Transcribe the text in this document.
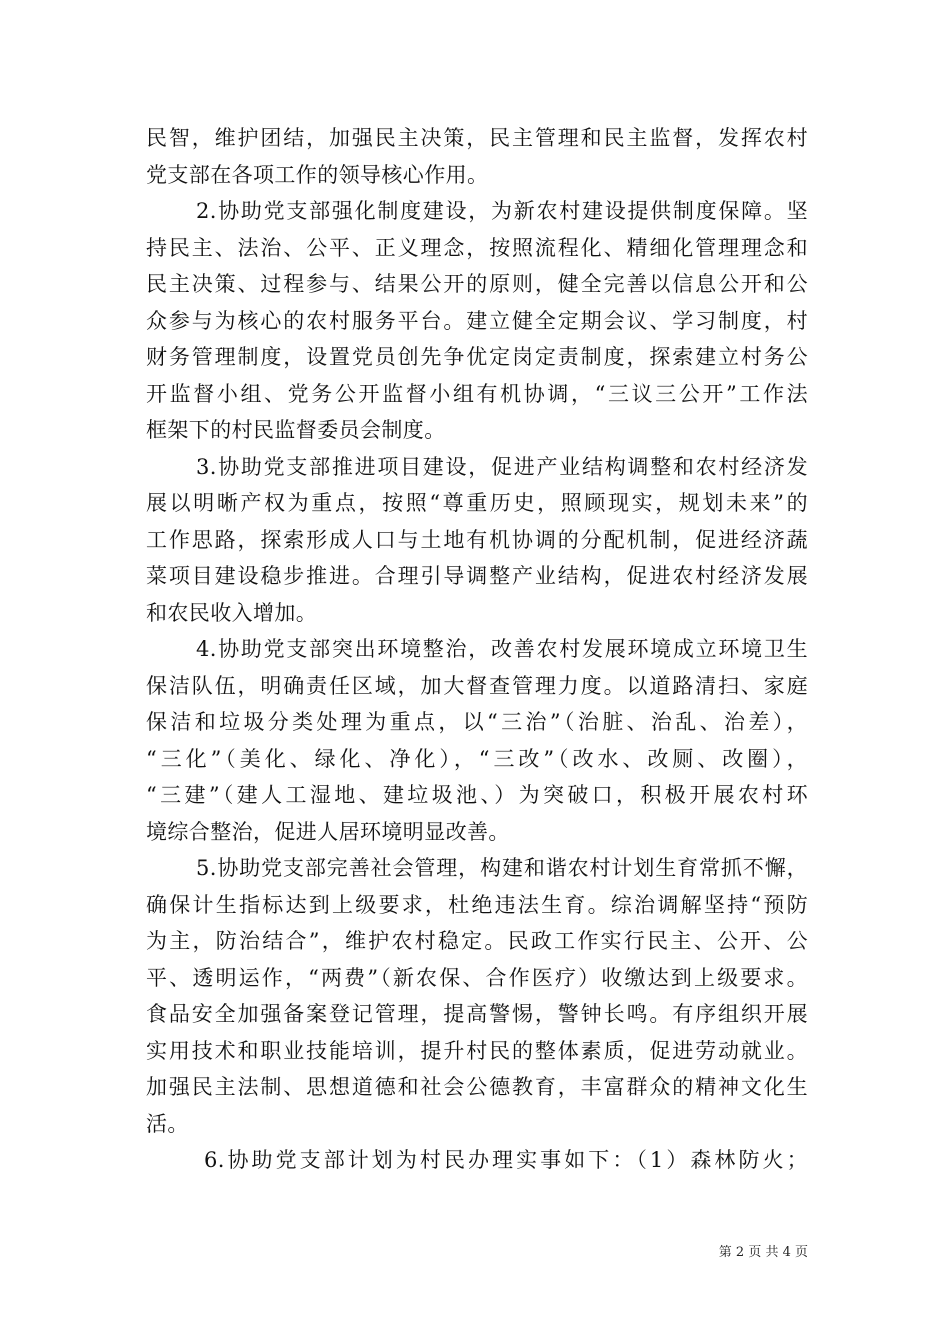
民智，维护团结，加强民主决策，民主管理和民主监督，发挥农村
党支部在各项工作的领导核心作用。
2.协助党支部强化制度建设，为新农村建设提供制度保障。坚
持民主、法治、公平、正义理念，按照流程化、精细化管理理念和
民主决策、过程参与、结果公开的原则，健全完善以信息公开和公
众参与为核心的农村服务平台。建立健全定期会议、学习制度，村
财务管理制度，设置党员创先争优定岗定责制度，探索建立村务公
开监督小组、党务公开监督小组有机协调，“三议三公开”工作法
框架下的村民监督委员会制度。
3.协助党支部推进项目建设，促进产业结构调整和农村经济发
展以明晰产权为重点，按照“尊重历史，照顾现实，规划未来”的
工作思路，探索形成人口与土地有机协调的分配机制，促进经济蔬
菜项目建设稳步推进。合理引导调整产业结构，促进农村经济发展
和农民收入增加。
4.协助党支部突出环境整治，改善农村发展环境成立环境卫生
保洁队伍，明确责任区域，加大督查管理力度。以道路清扫、家庭
保洁和垃圾分类处理为重点，以“三治”（治脏、治乱、治差），
“三化”（美化、绿化、净化），“三改”（改水、改厕、改圈），
“三建”（建人工湿地、建垃圾池、）为突破口，积极开展农村环
境综合整治，促进人居环境明显改善。
5.协助党支部完善社会管理，构建和谐农村计划生育常抓不懈，
确保计生指标达到上级要求，杜绝违法生育。综治调解坚持“预防
为主，防治结合”，维护农村稳定。民政工作实行民主、公开、公
平、透明运作，“两费”（新农保、合作医疗）收缴达到上级要求。
食品安全加强备案登记管理，提高警惕，警钟长鸣。有序组织开展
实用技术和职业技能培训，提升村民的整体素质，促进劳动就业。
加强民主法制、思想道德和社会公德教育，丰富群众的精神文化生
活。
6.协助党支部计划为村民办理实事如下：（1）森林防火；
第 2 页 共 4 页
